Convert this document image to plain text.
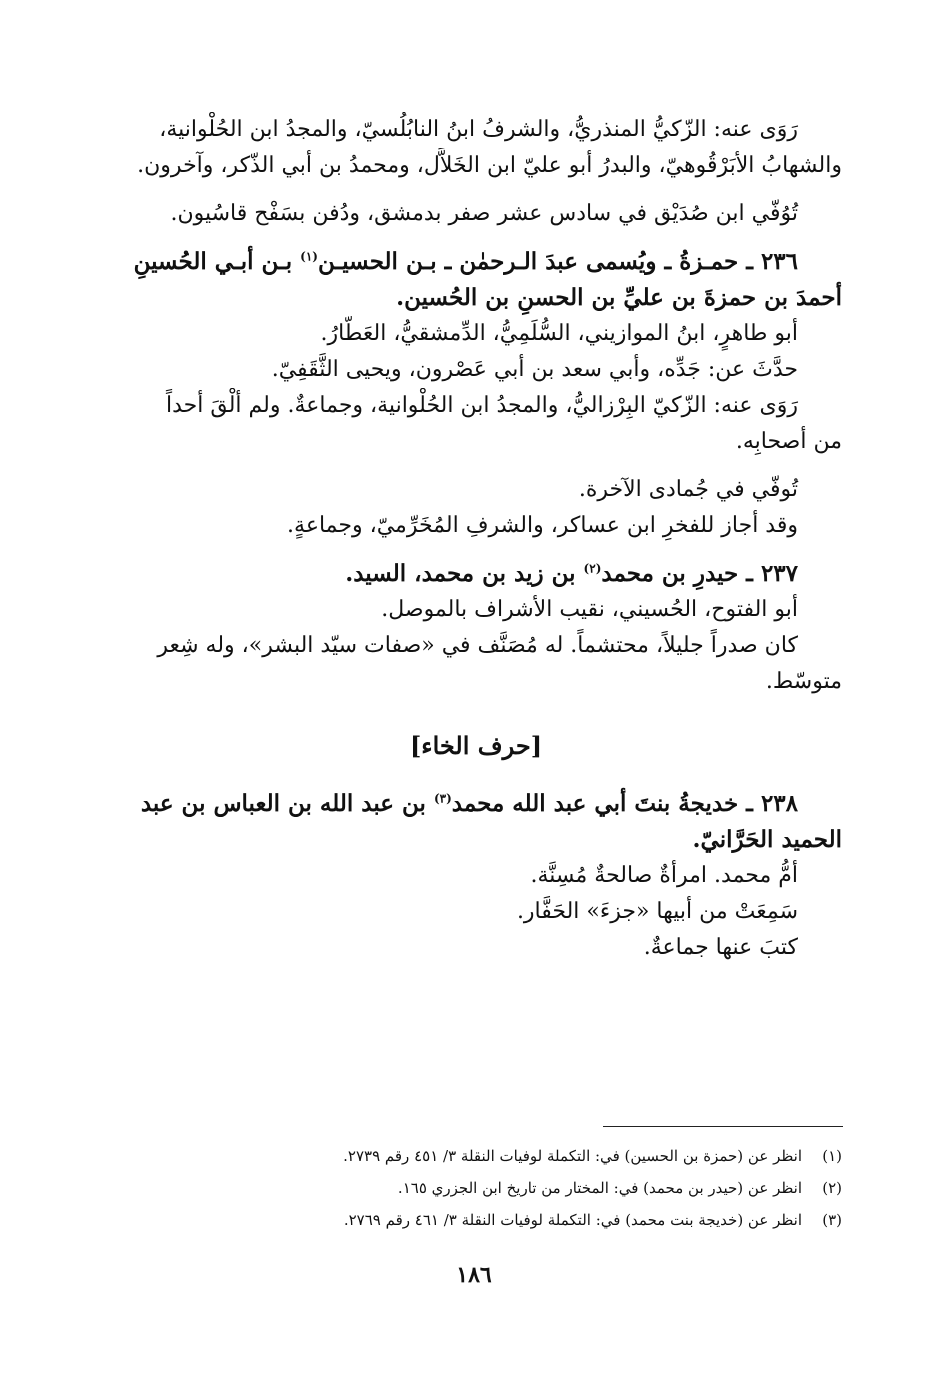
رَوَى عنه: الزّكيُّ المنذريُّ، والشرفُ ابنُ النابُلُسيّ، والمجدُ ابن الحُلْوانية،
والشهابُ الأبَرْقُوهيّ، والبدرُ أبو عليّ ابن الخَلاَّل، ومحمدُ بن أبي الذّكر، وآخرون.
تُوُفّي ابن صُدَيْق في سادس عشر صفر بدمشق، ودُفن بسَفْح قاسُيون.
٢٣٦ ـ حمـزةُ ـ ويُسمى عبدَ الـرحمٰن ـ بـن الحسيـن$^{(١)}$ بـن أبـي الحُسينِ
أحمدَ بن حمزةَ بن عليِّ بن الحسنِ بن الحُسين.
أبو طاهرٍ، ابنُ الموازيني، السُّلَمِيُّ، الدِّمشقيُّ، العَطَّارُ.
حدَّثَ عن: جَدِّه، وأبي سعد بن أبي عَصْرون، ويحيى الثَّقَفِيّ.
رَوَى عنه: الزّكيّ البِرْزاليُّ، والمجدُ ابن الحُلْوانية، وجماعةٌ. ولم ألْقَ أحداً
من أصحابِه.
تُوفّي في جُمادى الآخرة.
وقد أجاز للفخرِ ابن عساكر، والشرفِ المُخَرِّميّ، وجماعةٍ.
٢٣٧ ـ حيدرِ بن محمد$^{(٢)}$ بن زيد بن محمد، السيد.
أبو الفتوح، الحُسيني، نقيب الأشراف بالموصل.
كان صدراً جليلاً، محتشماً. له مُصَنَّف في «صفات سيّد البشر»، وله شِعر
متوسّط.
[حرف الخاء]
٢٣٨ ـ خديجةُ بنتَ أبي عبد الله محمد$^{(٣)}$ بن عبد الله بن العباس بن عبد
الحميد الحَرَّانيّ.
أمُّ محمد. امرأةٌ صالحةٌ مُسِنَّة.
سَمِعَتْ من أبيها «جزءَ» الحَفَّار.
كتبَ عنها جماعةٌ.
(١)انظر عن (حمزة بن الحسين) في: التكملة لوفيات النقلة ٣/ ٤٥١ رقم ٢٧٣٩.
(٢)انظر عن (حيدر بن محمد) في: المختار من تاريخ ابن الجزري ١٦٥.
(٣)انظر عن (خديجة بنت محمد) في: التكملة لوفيات النقلة ٣/ ٤٦١ رقم ٢٧٦٩.
١٨٦
